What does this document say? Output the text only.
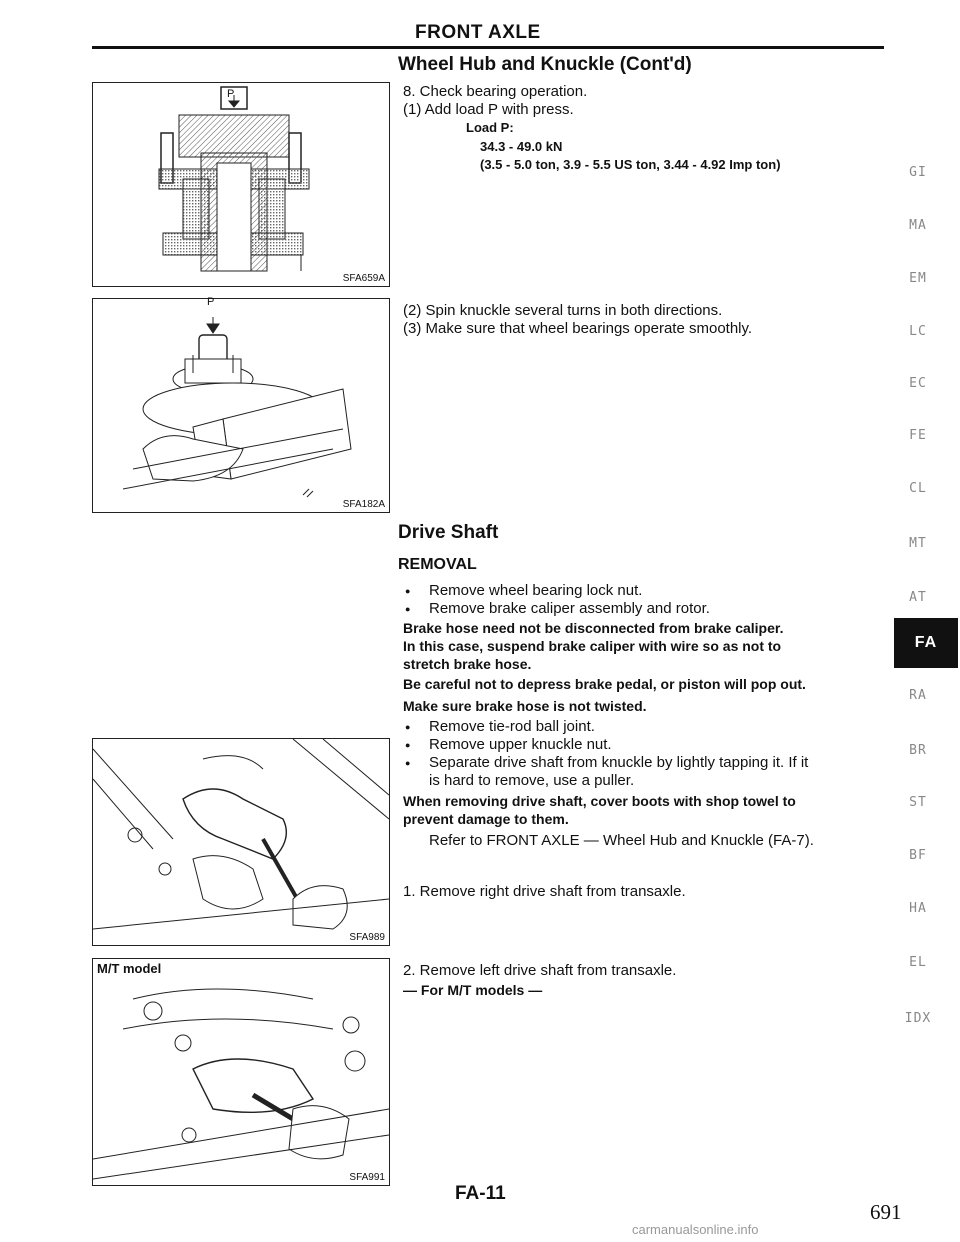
FRONT AXLE
Wheel Hub and Knuckle (Cont'd)
SFA659A
P
SFA182A
P
SFA989
M/T model
SFA991
8. Check bearing operation.
(1) Add load P with press.
Load P:
34.3 - 49.0 kN
(3.5 - 5.0 ton, 3.9 - 5.5 US ton, 3.44 - 4.92 Imp ton)
(2) Spin knuckle several turns in both directions.
(3) Make sure that wheel bearings operate smoothly.
Drive Shaft
REMOVAL
● Remove wheel bearing lock nut.
● Remove brake caliper assembly and rotor.
Brake hose need not be disconnected from brake caliper.
In this case, suspend brake caliper with wire so as not to
stretch brake hose.
Be careful not to depress brake pedal, or piston will pop out.
Make sure brake hose is not twisted.
● Remove tie-rod ball joint.
● Remove upper knuckle nut.
● Separate drive shaft from knuckle by lightly tapping it. If it
is hard to remove, use a puller.
When removing drive shaft, cover boots with shop towel to
prevent damage to them.
Refer to FRONT AXLE — Wheel Hub and Knuckle (FA-7).
1. Remove right drive shaft from transaxle.
2. Remove left drive shaft from transaxle.
— For M/T models —
GI
MA
EM
LC
EC
FE
CL
MT
AT
FA
RA
BR
ST
BF
HA
EL
IDX
FA-11
691
carmanualsonline.info
